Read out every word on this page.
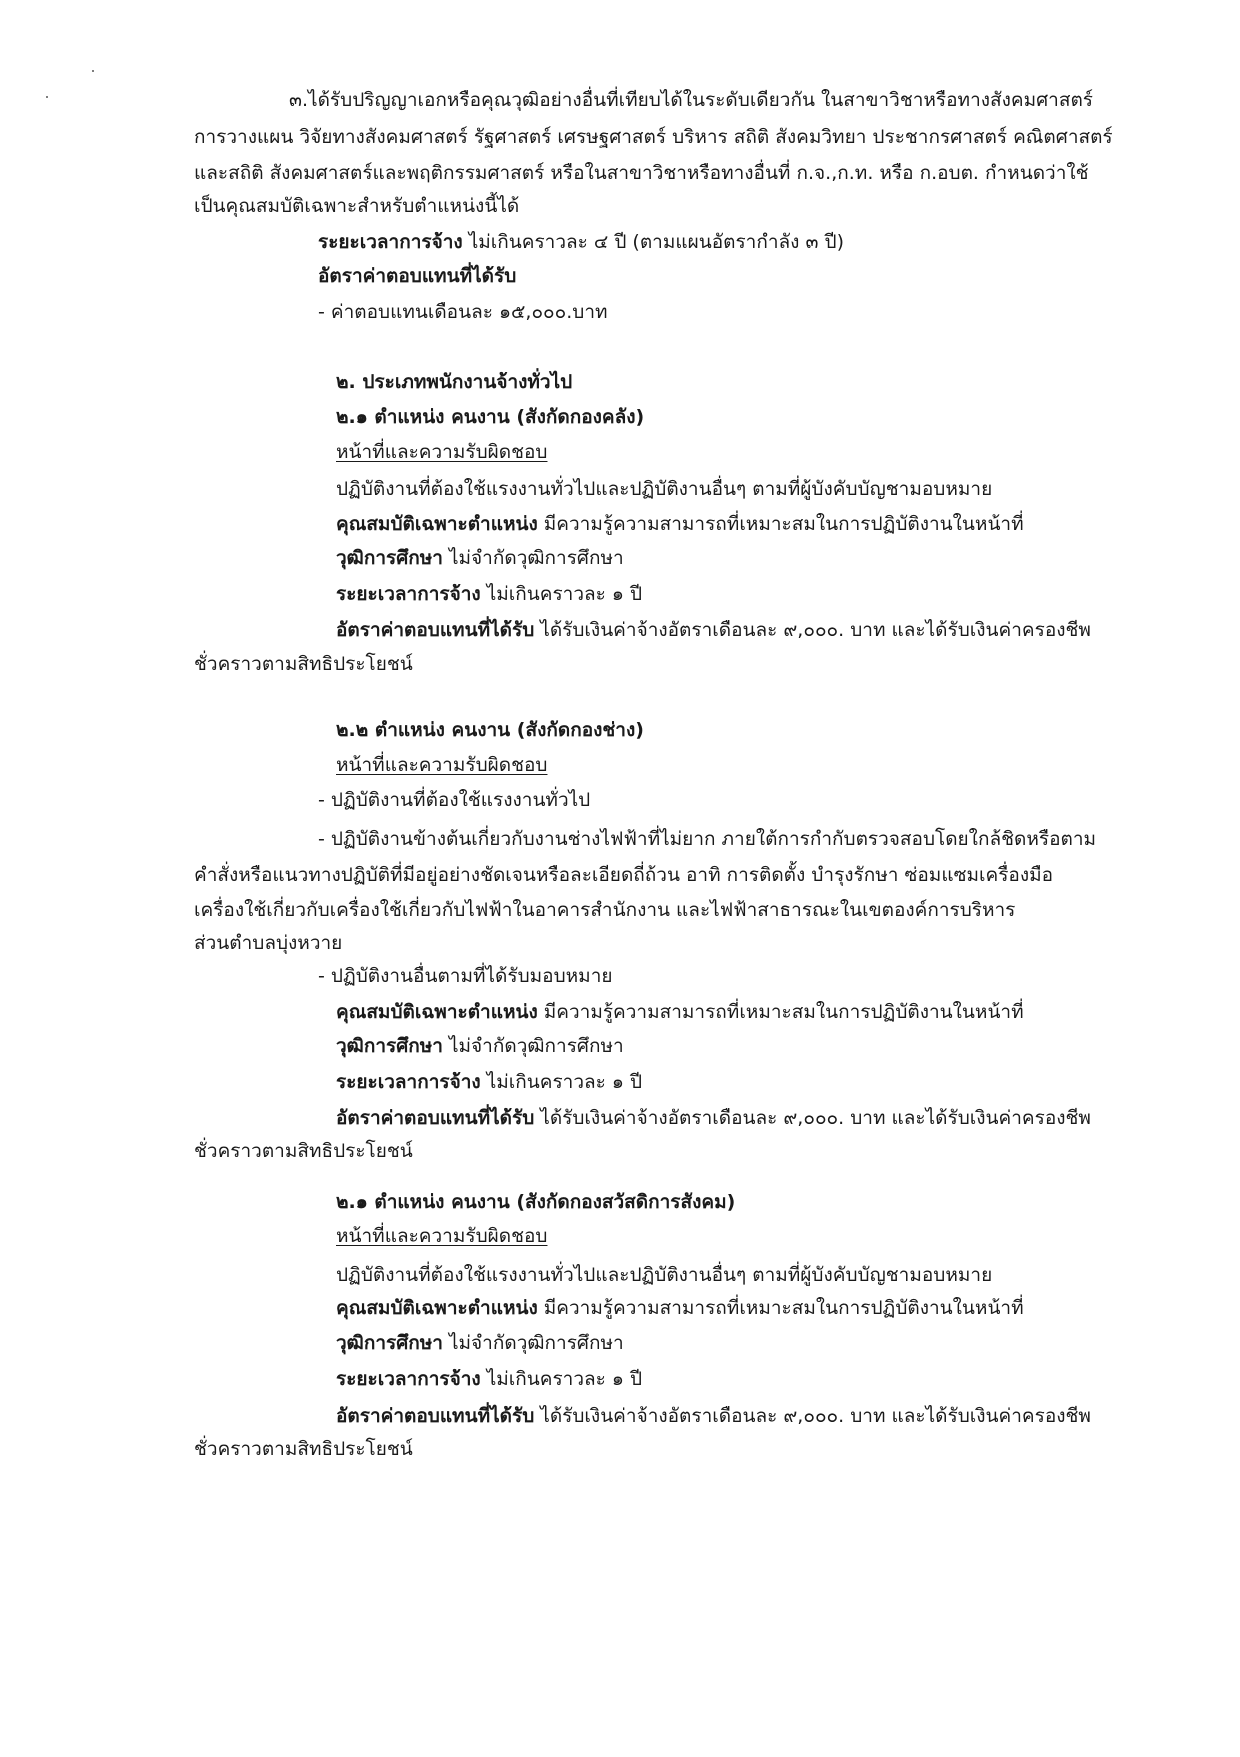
๓.ได้รับปริญญาเอกหรือคุณวุฒิอย่างอื่นที่เทียบได้ในระดับเดียวกัน ในสาขาวิชาหรือทางสังคมศาสตร์
การวางแผน วิจัยทางสังคมศาสตร์ รัฐศาสตร์ เศรษฐศาสตร์ บริหาร สถิติ สังคมวิทยา ประชากรศาสตร์ คณิตศาสตร์
และสถิติ สังคมศาสตร์และพฤติกรรมศาสตร์ หรือในสาขาวิชาหรือทางอื่นที่ ก.จ.,ก.ท. หรือ ก.อบต. กำหนดว่าใช้
เป็นคุณสมบัติเฉพาะสำหรับตำแหน่งนี้ได้
ระยะเวลาการจ้าง ไม่เกินคราวละ ๔ ปี (ตามแผนอัตรากำลัง ๓ ปี)
อัตราค่าตอบแทนที่ได้รับ
- ค่าตอบแทนเดือนละ ๑๕,๐๐๐.บาท
๒. ประเภทพนักงานจ้างทั่วไป
๒.๑ ตำแหน่ง คนงาน (สังกัดกองคลัง)
หน้าที่และความรับผิดชอบ
ปฏิบัติงานที่ต้องใช้แรงงานทั่วไปและปฏิบัติงานอื่นๆ ตามที่ผู้บังคับบัญชามอบหมาย
คุณสมบัติเฉพาะตำแหน่ง มีความรู้ความสามารถที่เหมาะสมในการปฏิบัติงานในหน้าที่
วุฒิการศึกษา ไม่จำกัดวุฒิการศึกษา
ระยะเวลาการจ้าง ไม่เกินคราวละ ๑ ปี
อัตราค่าตอบแทนที่ได้รับ ได้รับเงินค่าจ้างอัตราเดือนละ ๙,๐๐๐. บาท และได้รับเงินค่าครองชีพ
ชั่วคราวตามสิทธิประโยชน์
๒.๒ ตำแหน่ง คนงาน (สังกัดกองช่าง)
หน้าที่และความรับผิดชอบ
- ปฏิบัติงานที่ต้องใช้แรงงานทั่วไป
- ปฏิบัติงานข้างต้นเกี่ยวกับงานช่างไฟฟ้าที่ไม่ยาก ภายใต้การกำกับตรวจสอบโดยใกล้ชิดหรือตาม
คำสั่งหรือแนวทางปฏิบัติที่มีอยู่อย่างชัดเจนหรือละเอียดถี่ถ้วน อาทิ การติดตั้ง บำรุงรักษา ซ่อมแซมเครื่องมือ
เครื่องใช้เกี่ยวกับเครื่องใช้เกี่ยวกับไฟฟ้าในอาคารสำนักงาน และไฟฟ้าสาธารณะในเขตองค์การบริหาร
ส่วนตำบลบุ่งหวาย
- ปฏิบัติงานอื่นตามที่ได้รับมอบหมาย
คุณสมบัติเฉพาะตำแหน่ง มีความรู้ความสามารถที่เหมาะสมในการปฏิบัติงานในหน้าที่
วุฒิการศึกษา ไม่จำกัดวุฒิการศึกษา
ระยะเวลาการจ้าง ไม่เกินคราวละ ๑ ปี
อัตราค่าตอบแทนที่ได้รับ ได้รับเงินค่าจ้างอัตราเดือนละ ๙,๐๐๐. บาท และได้รับเงินค่าครองชีพ
ชั่วคราวตามสิทธิประโยชน์
๒.๑ ตำแหน่ง คนงาน (สังกัดกองสวัสดิการสังคม)
หน้าที่และความรับผิดชอบ
ปฏิบัติงานที่ต้องใช้แรงงานทั่วไปและปฏิบัติงานอื่นๆ ตามที่ผู้บังคับบัญชามอบหมาย
คุณสมบัติเฉพาะตำแหน่ง มีความรู้ความสามารถที่เหมาะสมในการปฏิบัติงานในหน้าที่
วุฒิการศึกษา ไม่จำกัดวุฒิการศึกษา
ระยะเวลาการจ้าง ไม่เกินคราวละ ๑ ปี
อัตราค่าตอบแทนที่ได้รับ ได้รับเงินค่าจ้างอัตราเดือนละ ๙,๐๐๐. บาท และได้รับเงินค่าครองชีพ
ชั่วคราวตามสิทธิประโยชน์
